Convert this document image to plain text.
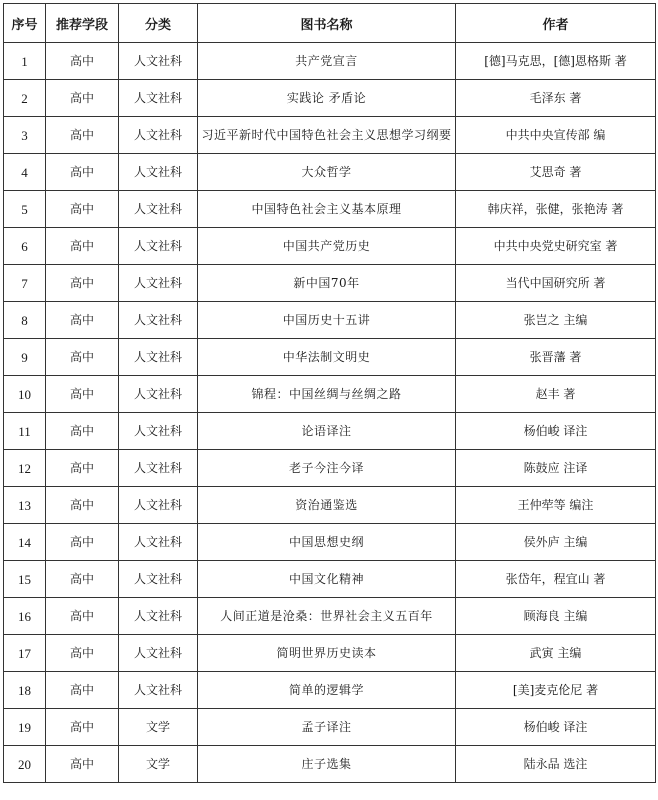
序号	推荐学段	分类	图书名称	作者
1	高中	人文社科	共产党宣言	[德]马克思，[德]恩格斯 著
2	高中	人文社科	实践论 矛盾论	毛泽东 著
3	高中	人文社科	习近平新时代中国特色社会主义思想学习纲要	中共中央宣传部 编
4	高中	人文社科	大众哲学	艾思奇 著
5	高中	人文社科	中国特色社会主义基本原理	韩庆祥，张健，张艳涛 著
6	高中	人文社科	中国共产党历史	中共中央党史研究室 著
7	高中	人文社科	新中国70年	当代中国研究所 著
8	高中	人文社科	中国历史十五讲	张岂之 主编
9	高中	人文社科	中华法制文明史	张晋藩 著
10	高中	人文社科	锦程：中国丝绸与丝绸之路	赵丰 著
11	高中	人文社科	论语译注	杨伯峻 译注
12	高中	人文社科	老子今注今译	陈鼓应 注译
13	高中	人文社科	资治通鉴选	王仲荦等 编注
14	高中	人文社科	中国思想史纲	侯外庐 主编
15	高中	人文社科	中国文化精神	张岱年，程宜山 著
16	高中	人文社科	人间正道是沧桑：世界社会主义五百年	顾海良 主编
17	高中	人文社科	简明世界历史读本	武寅 主编
18	高中	人文社科	简单的逻辑学	[美]麦克伦尼 著
19	高中	文学	孟子译注	杨伯峻 译注
20	高中	文学	庄子选集	陆永品 选注
